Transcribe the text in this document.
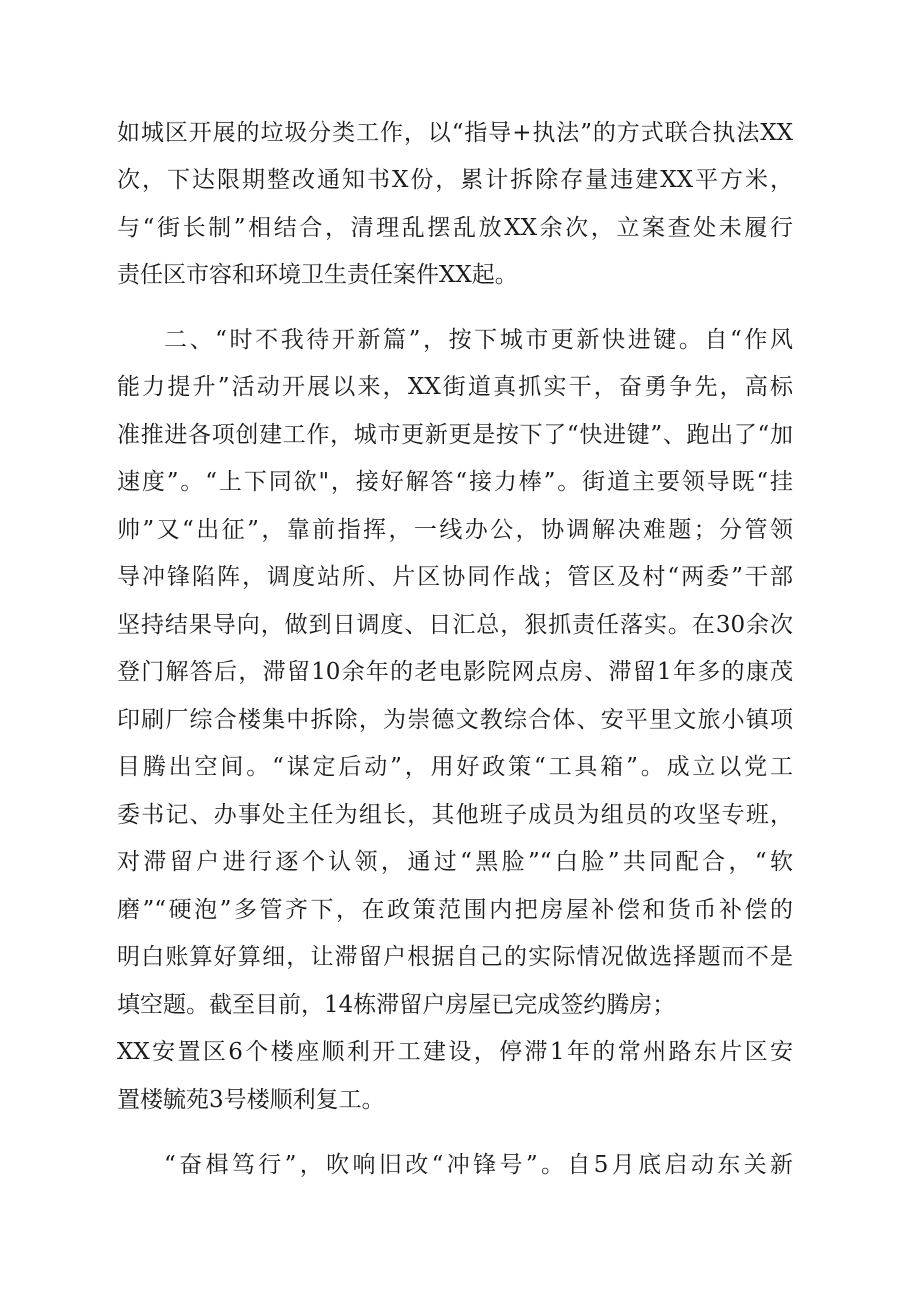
如城区开展的垃圾分类工作，以“指导+执法”的方式联合执法XX

次，下达限期整改通知书X份，累计拆除存量违建XX平方米，

与“街长制”相结合，清理乱摆乱放XX余次，立案查处未履行

责任区市容和环境卫生责任案件XX起。

二、“时不我待开新篇”，按下城市更新快进键。自“作风

能力提升”活动开展以来，XX街道真抓实干，奋勇争先，高标

准推进各项创建工作，城市更新更是按下了“快进键”、跑出了“加

速度”。“上下同欲"，接好解答“接力棒”。街道主要领导既“挂

帅”又“出征”，靠前指挥，一线办公，协调解决难题；分管领

导冲锋陷阵，调度站所、片区协同作战；管区及村“两委”干部

坚持结果导向，做到日调度、日汇总，狠抓责任落实。在30余次

登门解答后，滞留10余年的老电影院网点房、滞留1年多的康茂

印刷厂综合楼集中拆除，为崇德文教综合体、安平里文旅小镇项

目腾出空间。“谋定后动”，用好政策“工具箱”。成立以党工

委书记、办事处主任为组长，其他班子成员为组员的攻坚专班，

对滞留户进行逐个认领，通过“黑脸”“白脸”共同配合，“软

磨”“硬泡”多管齐下，在政策范围内把房屋补偿和货币补偿的

明白账算好算细，让滞留户根据自己的实际情况做选择题而不是

填空题。截至目前，14栋滞留户房屋已完成签约腾房；

XX安置区6个楼座顺利开工建设，停滞1年的常州路东片区安

置楼毓苑3号楼顺利复工。

“奋楫笃行”，吹响旧改“冲锋号”。自5月底启动东关新
